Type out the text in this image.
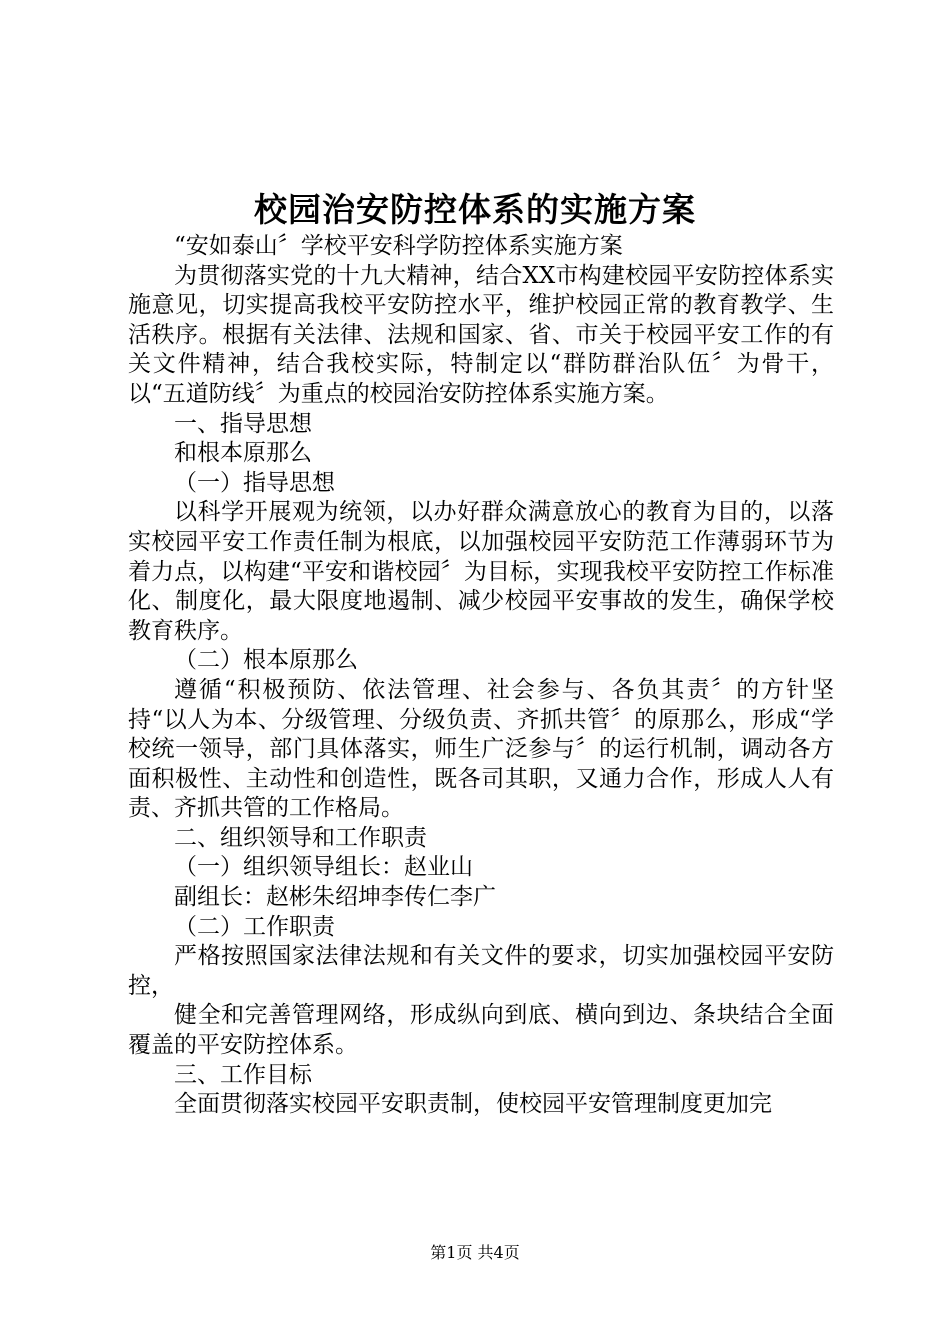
校园治安防控体系的实施方案

“安如泰山〞学校平安科学防控体系实施方案

为贯彻落实党的十九大精神，结合XX市构建校园平安防控体系实施意见，切实提高我校平安防控水平，维护校园正常的教育教学、生活秩序。根据有关法律、法规和国家、省、市关于校园平安工作的有关文件精神，结合我校实际，特制定以“群防群治队伍〞为骨干，以“五道防线〞为重点的校园治安防控体系实施方案。

一、指导思想

和根本原那么

（一）指导思想

以科学开展观为统领，以办好群众满意放心的教育为目的，以落实校园平安工作责任制为根底，以加强校园平安防范工作薄弱环节为着力点，以构建“平安和谐校园〞为目标，实现我校平安防控工作标准化、制度化，最大限度地遏制、减少校园平安事故的发生，确保学校教育秩序。

（二）根本原那么

遵循“积极预防、依法管理、社会参与、各负其责〞的方针坚持“以人为本、分级管理、分级负责、齐抓共管〞的原那么，形成“学校统一领导，部门具体落实，师生广泛参与〞的运行机制，调动各方面积极性、主动性和创造性，既各司其职，又通力合作，形成人人有责、齐抓共管的工作格局。

二、组织领导和工作职责

（一）组织领导组长：赵业山

副组长：赵彬朱绍坤李传仁李广

（二）工作职责

严格按照国家法律法规和有关文件的要求，切实加强校园平安防控，

健全和完善管理网络，形成纵向到底、横向到边、条块结合全面覆盖的平安防控体系。

三、工作目标

全面贯彻落实校园平安职责制，使校园平安管理制度更加完

第1页 共4页
